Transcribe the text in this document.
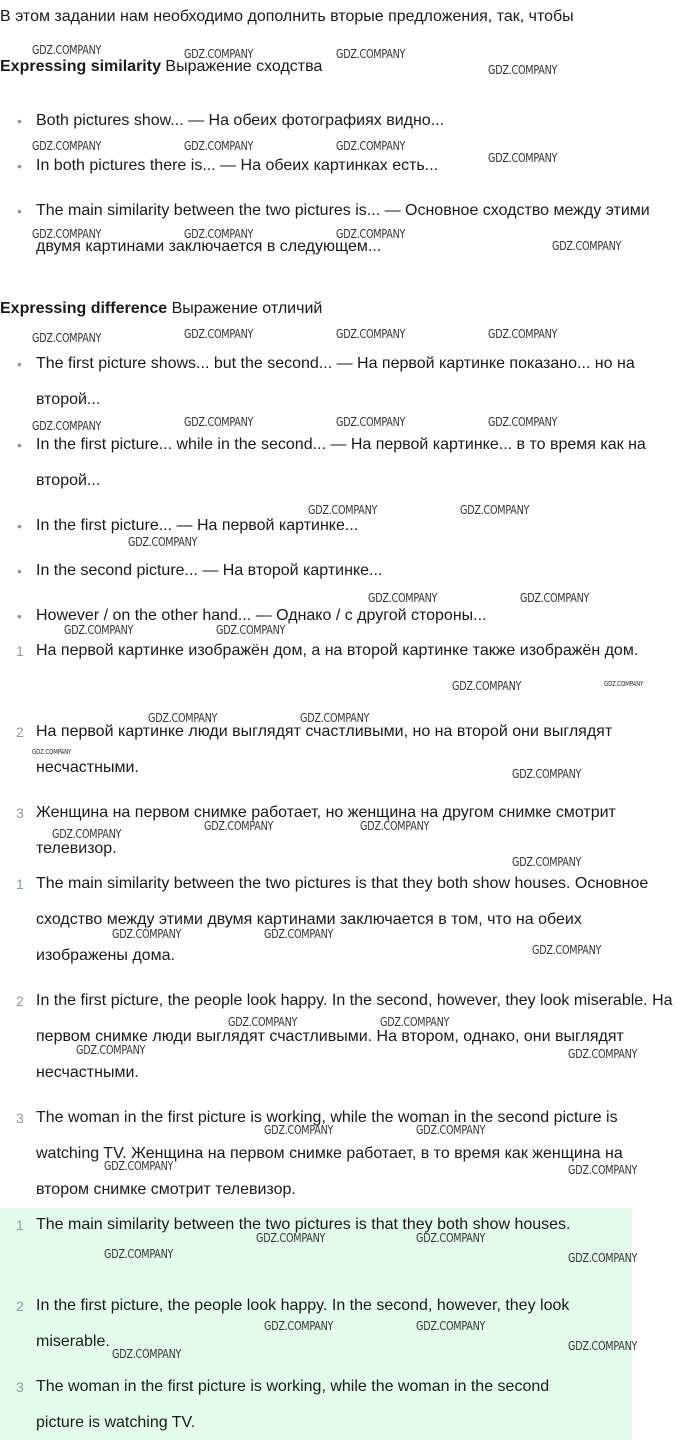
В этом задании нам необходимо дополнить вторые предложения, так, чтобы
Expressing similarity Выражение сходства
• Both pictures show... — На обеих фотографиях видно...
• In both pictures there is... — На обеих картинках есть...
• The main similarity between the two pictures is... — Основное сходство между этими двумя картинами заключается в следующем...
Expressing difference Выражение отличий
• The first picture shows... but the second... — На первой картинке показано... но на второй...
• In the first picture... while in the second... — На первой картинке... в то время как на второй...
• In the first picture... — На первой картинке...
• In the second picture... — На второй картинке...
• However / on the other hand... — Однако / с другой стороны...
1 На первой картинке изображён дом, а на второй картинке также изображён дом.
2 На первой картинке люди выглядят счастливыми, но на второй они выглядят несчастными.
3 Женщина на первом снимке работает, но женщина на другом снимке смотрит телевизор.
1 The main similarity between the two pictures is that they both show houses. Основное сходство между этими двумя картинами заключается в том, что на обеих изображены дома.
2 In the first picture, the people look happy. In the second, however, they look miserable. На первом снимке люди выглядят счастливыми. На втором, однако, они выглядят несчастными.
3 The woman in the first picture is working, while the woman in the second picture is watching TV. Женщина на первом снимке работает, в то время как женщина на втором снимке смотрит телевизор.
1 The main similarity between the two pictures is that they both show houses.
2 In the first picture, the people look happy. In the second, however, they look miserable.
3 The woman in the first picture is working, while the woman in the second picture is watching TV.
GDZ.COMPANY	GDZ.COMPANY	GDZ.COMPANY
GDZ.COMPANY
GDZ.COMPANY	GDZ.COMPANY	GDZ.COMPANY
GDZ.COMPANY
GDZ.COMPANY	GDZ.COMPANY	GDZ.COMPANY
GDZ.COMPANY
GDZ.COMPANY	GDZ.COMPANY	GDZ.COMPANY	GDZ.COMPANY
GDZ.COMPANY	GDZ.COMPANY	GDZ.COMPANY	GDZ.COMPANY
GDZ.COMPANY	GDZ.COMPANY
GDZ.COMPANY
GDZ.COMPANY	GDZ.COMPANY
GDZ.COMPANY	GDZ.COMPANY
GDZ.COMPANY	GDZ.COMPANY
GDZ.COMPANY	GDZ.COMPANY
GDZ.COMPANY
GDZ.COMPANY
GDZ.COMPANY	GDZ.COMPANY
GDZ.COMPANY
GDZ.COMPANY
GDZ.COMPANY	GDZ.COMPANY
GDZ.COMPANY
GDZ.COMPANY	GDZ.COMPANY
GDZ.COMPANY	GDZ.COMPANY
GDZ.COMPANY	GDZ.COMPANY
GDZ.COMPANY	GDZ.COMPANY
GDZ.COMPANY	GDZ.COMPANY
GDZ.COMPANY	GDZ.COMPANY
GDZ.COMPANY	GDZ.COMPANY
GDZ.COMPANY
GDZ.COMPANY
